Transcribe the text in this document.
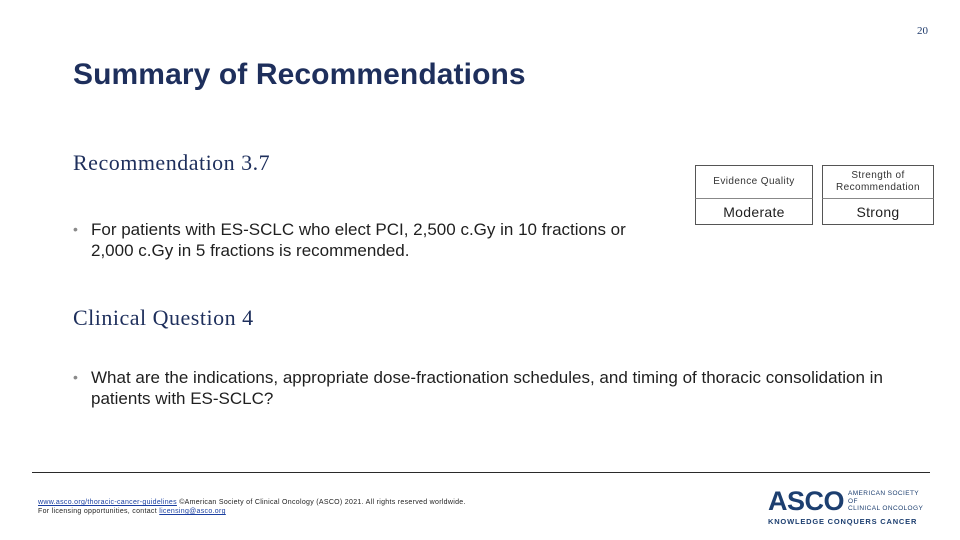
20
Summary of Recommendations
Recommendation 3.7
• For patients with ES-SCLC who elect PCI, 2,500 c.Gy in 10 fractions or 2,000 c.Gy in 5 fractions is recommended.
Evidence Quality
Strength of Recommendation
Moderate	Strong
Clinical Question 4
• What are the indications, appropriate dose-fractionation schedules, and timing of thoracic consolidation in patients with ES-SCLC?
www.asco.org/thoracic-cancer-guidelines ©American Society of Clinical Oncology (ASCO) 2021. All rights reserved worldwide.
For licensing opportunities, contact licensing@asco.org	ASCO AMERICAN SOCIETY OF
CLINICAL ONCOLOGY
KNOWLEDGE CONQUERS CANCER
